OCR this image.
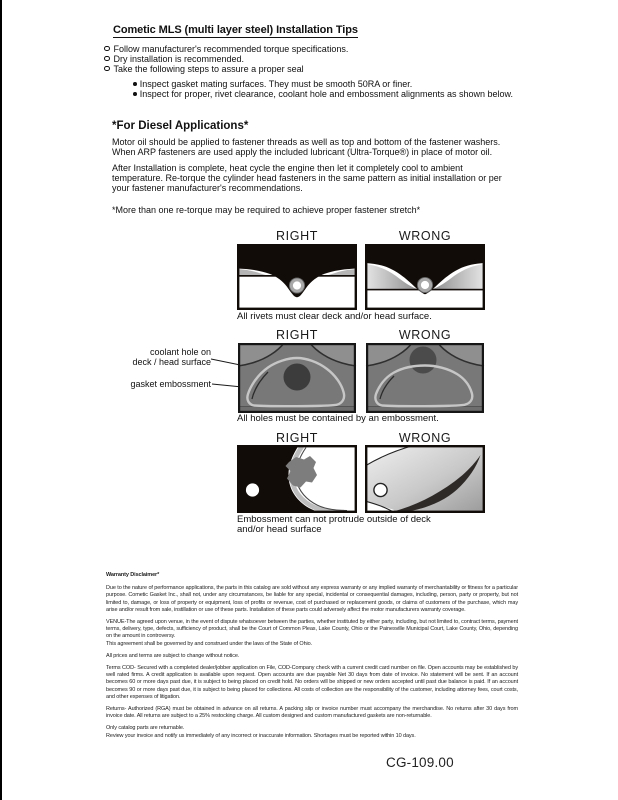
Cometic MLS (multi layer steel) Installation Tips
Follow manufacturer's recommended torque specifications.
Dry installation is recommended.
Take the following steps to assure a proper seal
Inspect gasket mating surfaces. They must be smooth 50RA or finer.
Inspect for proper, rivet clearance, coolant hole and embossment alignments as shown below.
*For Diesel Applications*
Motor oil should be applied to fastener threads as well as top and bottom of the fastener washers. When ARP fasteners are used apply the included lubricant (Ultra-Torque®) in place of motor oil.
After Installation is complete, heat cycle the engine then let it completely cool to ambient temperature. Re-torque the cylinder head fasteners in the same pattern as initial installation or per your fastener manufacturer's recommendations.
*More than one re-torque may be required to achieve proper fastener stretch*
RIGHT	WRONG
All rivets must clear deck and/or head surface.
RIGHT	WRONG
coolant hole on
deck / head surface
gasket embossment
All holes must be contained by an embossment.
RIGHT	WRONG
Embossment can not protrude outside of deck
and/or head surface
Warranty Disclaimer*

Due to the nature of performance applications, the parts in this catalog are sold without any express warranty or any implied warranty of merchantability or fitness for a particular purpose. Cometic Gasket Inc., shall not, under any circumstances, be liable for any special, incidental or consequential damages, including, person, party or property, but not limited to, damage, or loss of property or equipment, loss of profits or revenue, cost of purchased or replacement goods, or claims of customers of the purchase, which may arise and/or result from sale, instillation or use of these parts. Installation of these parts could adversely affect the motor manufacturers warranty coverage.

VENUE-The agreed upon venue, in the event of dispute whatsoever between the parties, whether instituted by either party, including, but not limited to, contract terms, payment terms, delivery, type, defects, sufficiency of product, shall be the Court of Common Pleas, Lake County, Ohio or the Painesville Municipal Court, Lake County, Ohio, depending on the amount in controversy.
This agreement shall be governed by and construed under the laws of the State of Ohio.

All prices and terms are subject to change without notice.

Terms COD- Secured with a completed dealer/jobber application on File, COD-Company check with a current credit card number on file. Open accounts may be established by well rated firms. A credit application is available upon request. Open accounts are due payable Net 30 days from date of invoice. No statement will be sent. If an account becomes 60 or more days past due, it is subject to being placed on credit hold. No orders will be shipped or new orders accepted until past due balance is paid. If an account becomes 90 or more days past due, it is subject to being placed for collections. All costs of collection are the responsibility of the customer, including attorney fees, court costs, and other expenses of litigation.

Returns- Authorized (RGA) must be obtained in advance on all returns. A packing slip or invoice number must accompany the merchandise. No returns after 30 days from invoice date. All returns are subject to a 25% restocking charge. All custom designed and custom manufactured gaskets are non-returnable.

Only catalog parts are returnable.
Review your invoice and notify us immediately of any incorrect or inaccurate information. Shortages must be reported within 10 days.

CG-109.00
